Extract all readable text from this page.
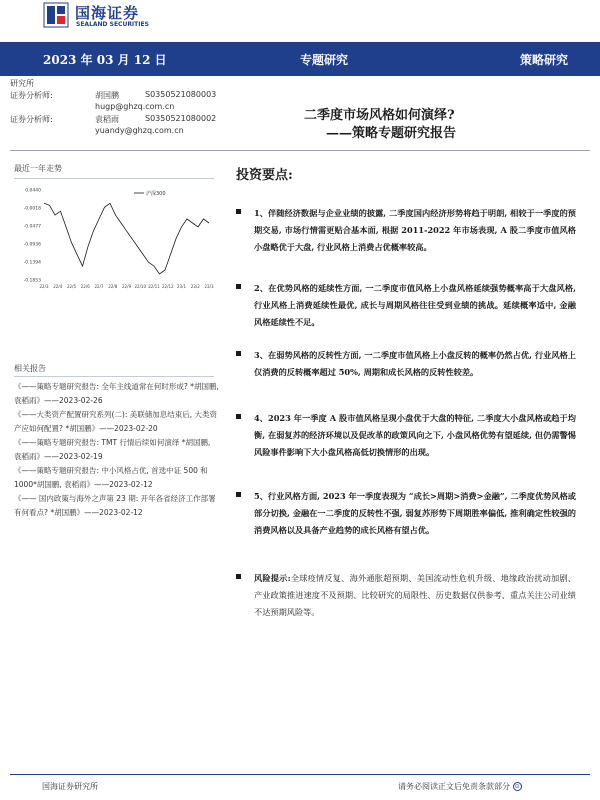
国海证券
SEALAND SECURITIES
2023 年 03 月 12 日	专题研究	策略研究
研究所
证券分析师:	胡国鹏	S0350521080003
hugp@ghzq.com.cn
证券分析师:	袁稻雨	S0350521080002
yuandy@ghzq.com.cn
二季度市场风格如何演绎?
——策略专题研究报告
最近一年走势
0.0440
-0.0018
-0.0477
-0.0936
-0.1394
-0.1853
22/3 22/4 22/5 22/6 22/7 22/8 22/9 22/10 22/11 22/12 23/1 23/2 23/3
沪深300
相关报告
《——策略专题研究报告: 全年主线道常在何时形成? *胡国鹏, 袁稻雨》——2023-02-26
《——大类资产配置研究系列(二): 美联储加息结束后, 大类资产应如何配置? *胡国鹏》——2023-02-20
《——策略专题研究报告: TMT 行情后续如何演绎 *胡国鹏, 袁稻雨》——2023-02-19
《——策略专题研究报告: 中小风格占优, 首选中证 500 和 1000*胡国鹏, 袁稻雨》——2023-02-12
《—— 国内政策与海外之声第 23 期: 开年各省经济工作部署有何看点? *胡国鹏》——2023-02-12
投资要点:
1、伴随经济数据与企业业绩的披露, 二季度国内经济形势将趋于明朗, 相较于一季度的预期交易, 市场行情需更贴合基本面, 根据 2011-2022 年市场表现, A 股二季度市值风格小盘略优于大盘, 行业风格上消费占优概率较高。
2、在优势风格的延续性方面, 一二季度市值风格上小盘风格延续强势概率高于大盘风格, 行业风格上消费延续性最优, 成长与周期风格往往受到业绩的挑战。延续概率适中, 金融风格延续性不足。
3、在弱势风格的反转性方面, 一二季度市值风格上小盘反转的概率仍然占优, 行业风格上仅消费的反转概率超过 50%, 周期和成长风格的反转性较差。
4、2023 年一季度 A 股市值风格呈现小盘优于大盘的特征, 二季度大小盘风格或趋于均衡, 在弱复苏的经济环境以及促改革的政策风向之下, 小盘风格优势有望延续, 但仍需警惕风险事件影响下大小盘风格高低切换情形的出现。
5、行业风格方面, 2023 年一季度表现为 “成长>周期>消费>金融”, 二季度优势风格或部分切换, 金融在一二季度的反转性不强, 弱复苏形势下周期胜率偏低, 推利确定性较强的消费风格以及具备产业趋势的成长风格有望占优。
风险提示:全球疫情反复、海外通胀超预期、美国流动性危机升级、地缘政治扰动加剧、产业政策推进速度不及预期、比较研究的局限性、历史数据仅供参考、重点关注公司业绩不达预期风险等。
国海证券研究所	请务必阅读正文后免责条款部分 ⊙
